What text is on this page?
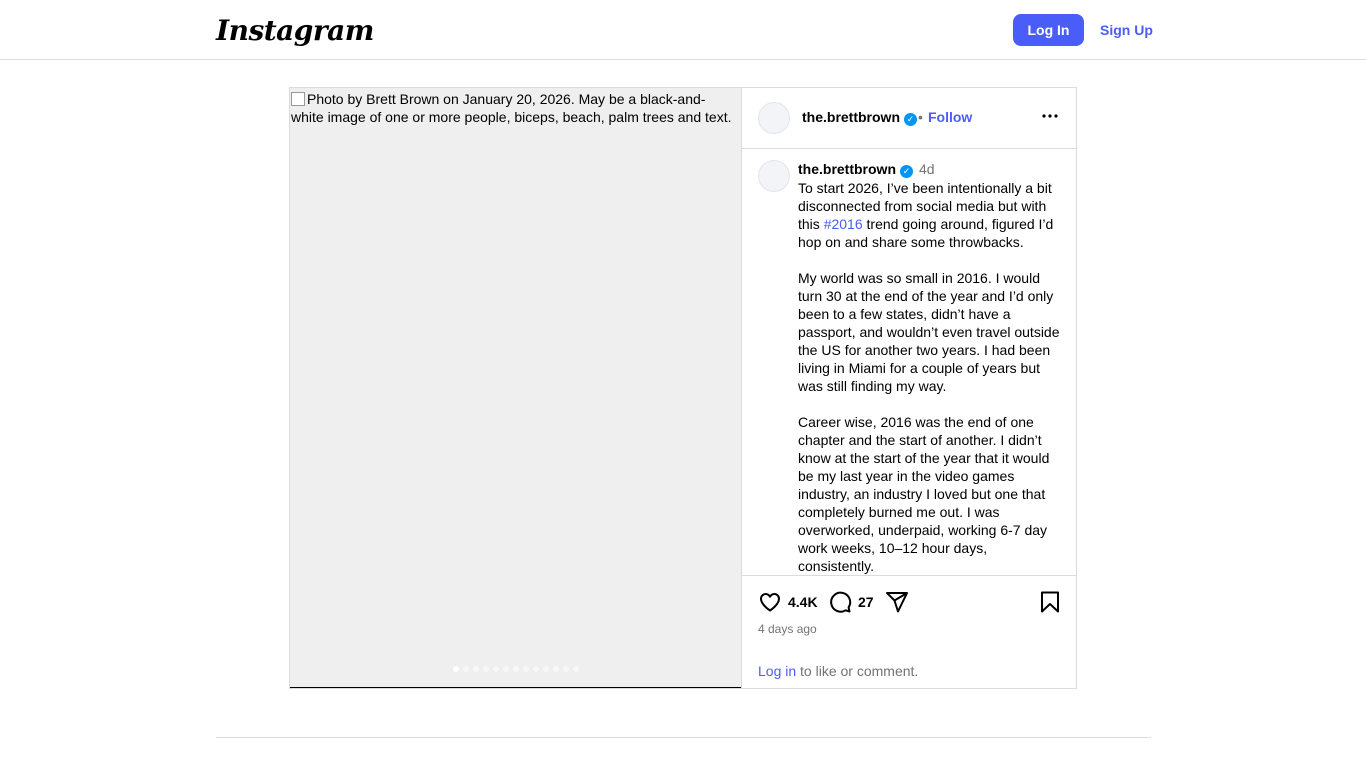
Instagram	Log In	Sign Up
Photo by Brett Brown on January 20, 2026. May be a black-and-white image of one or more people, biceps, beach, palm trees and text.
	the.brettbrown ✓ • Follow
the.brettbrown ✓ 4d

To start 2026, I’ve been intentionally a bit disconnected from social media but with this #2016 trend going around, figured I’d hop on and share some throwbacks.

My world was so small in 2016. I would turn 30 at the end of the year and I’d only been to a few states, didn’t have a passport, and wouldn’t even travel outside the US for another two years. I had been living in Miami for a couple of years but was still finding my way.

Career wise, 2016 was the end of one chapter and the start of another. I didn’t know at the start of the year that it would be my last year in the video games industry, an industry I loved but one that completely burned me out. I was overworked, underpaid, working 6-7 day work weeks, 10–12 hour days, consistently.

4.4K	27
4 days ago
Log in to like or comment.
